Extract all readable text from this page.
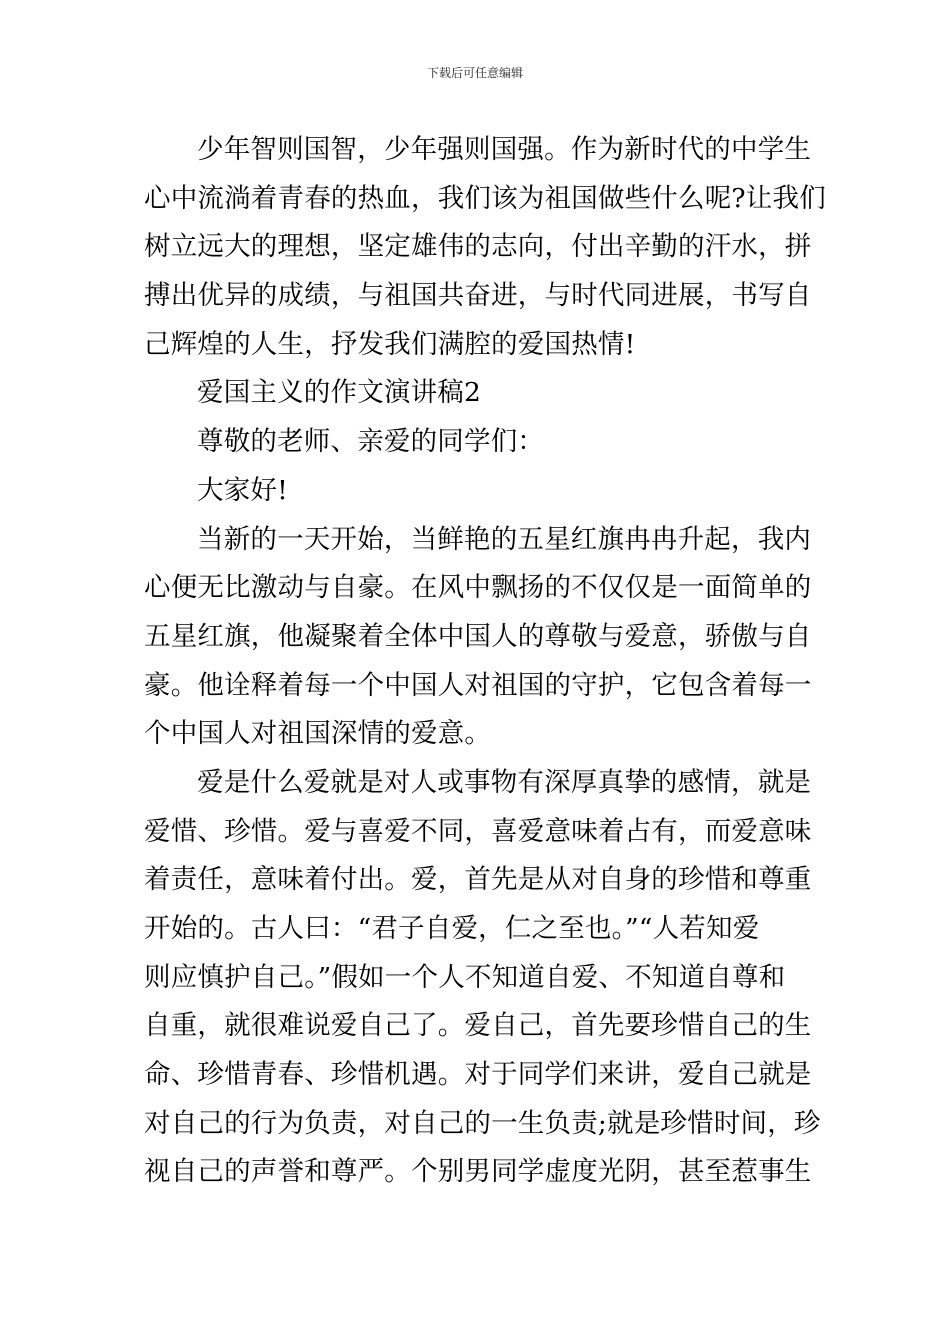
下载后可任意编辑
少年智则国智，少年强则国强。作为新时代的中学生
心中流淌着青春的热血，我们该为祖国做些什么呢?让我们
树立远大的理想，坚定雄伟的志向，付出辛勤的汗水，拼
搏出优异的成绩，与祖国共奋进，与时代同进展，书写自
己辉煌的人生，抒发我们满腔的爱国热情!
爱国主义的作文演讲稿2
尊敬的老师、亲爱的同学们：
大家好!
当新的一天开始，当鲜艳的五星红旗冉冉升起，我内
心便无比激动与自豪。在风中飘扬的不仅仅是一面简单的
五星红旗，他凝聚着全体中国人的尊敬与爱意，骄傲与自
豪。他诠释着每一个中国人对祖国的守护，它包含着每一
个中国人对祖国深情的爱意。
爱是什么爱就是对人或事物有深厚真挚的感情，就是
爱惜、珍惜。爱与喜爱不同，喜爱意味着占有，而爱意味
着责任，意味着付出。爱，首先是从对自身的珍惜和尊重
开始的。古人曰：“君子自爱，仁之至也。”“人若知爱
则应慎护自己。”假如一个人不知道自爱、不知道自尊和
自重，就很难说爱自己了。爱自己，首先要珍惜自己的生
命、珍惜青春、珍惜机遇。对于同学们来讲，爱自己就是
对自己的行为负责，对自己的一生负责;就是珍惜时间，珍
视自己的声誉和尊严。个别男同学虚度光阴，甚至惹事生
